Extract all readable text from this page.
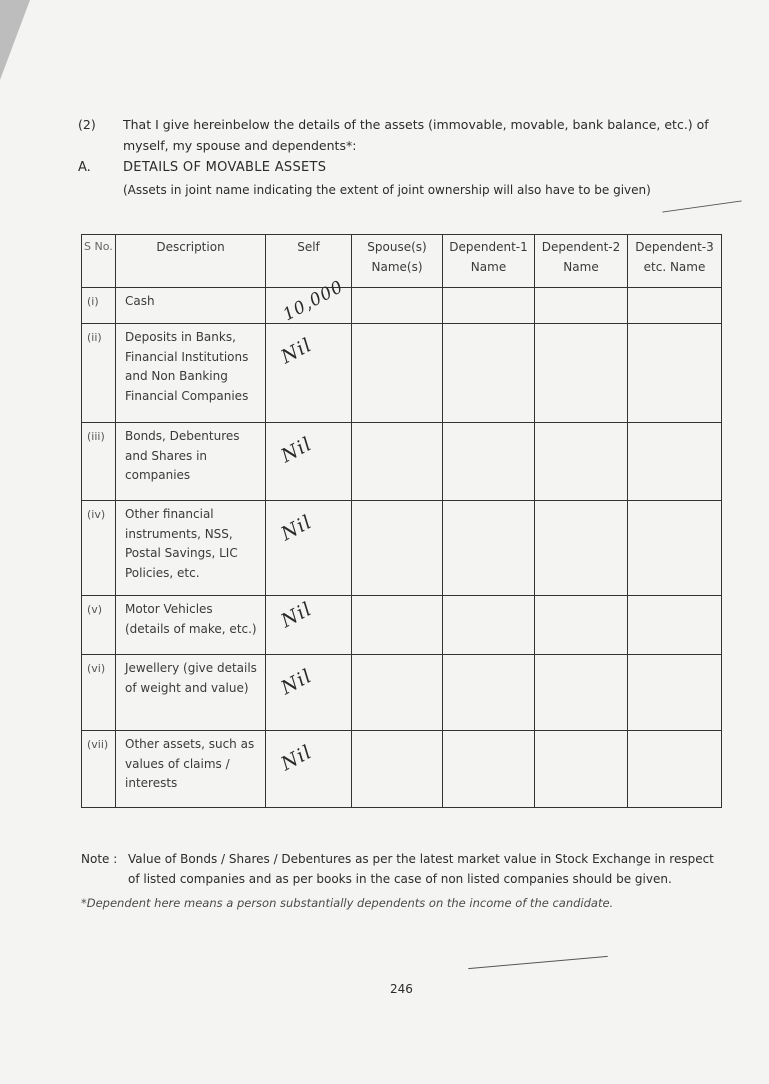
(2) That I give hereinbelow the details of the assets (immovable, movable, bank balance, etc.) of myself, my spouse and dependents*:
A. DETAILS OF MOVABLE ASSETS
(Assets in joint name indicating the extent of joint ownership will also have to be given)
S No.	Description	Self	Spouse(s) Name(s)	Dependent-1 Name	Dependent-2 Name	Dependent-3 etc. Name
(i)	Cash	10,000				
(ii)	Deposits in Banks, Financial Institutions and Non Banking Financial Companies	Nil				
(iii)	Bonds, Debentures and Shares in companies	Nil				
(iv)	Other financial instruments, NSS, Postal Savings, LIC Policies, etc.	Nil				
(v)	Motor Vehicles (details of make, etc.)	Nil				
(vi)	Jewellery (give details of weight and value)	Nil				
(vii)	Other assets, such as values of claims / interests	Nil				
Note : Value of Bonds / Shares / Debentures as per the latest market value in Stock Exchange in respect of listed companies and as per books in the case of non listed companies should be given.
*Dependent here means a person substantially dependents on the income of the candidate.
246
